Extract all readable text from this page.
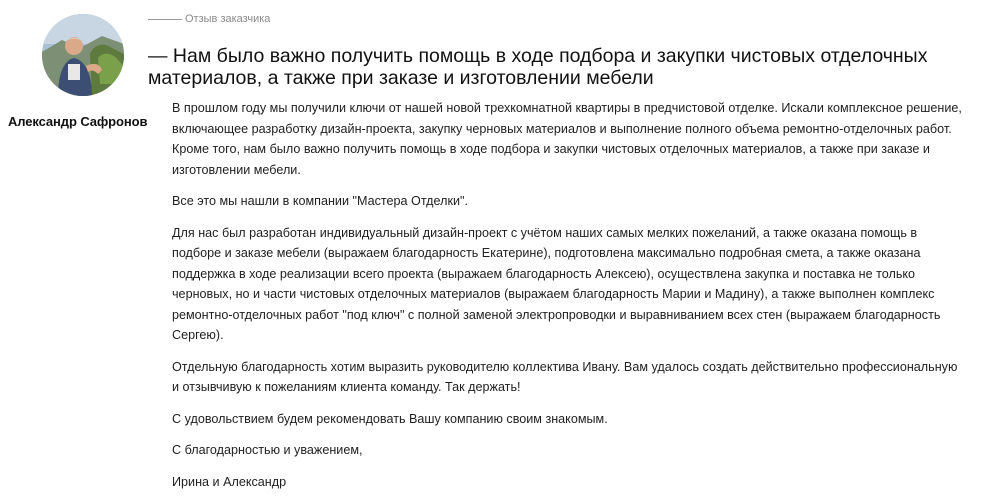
Александр Сафронов
Отзыв заказчика
— Нам было важно получить помощь в ходе подбора и закупки чистовых отделочных материалов, а также при заказе и изготовлении мебели

В прошлом году мы получили ключи от нашей новой трехкомнатной квартиры в предчистовой отделке. Искали комплексное решение, включающее разработку дизайн-проекта, закупку черновых материалов и выполнение полного объема ремонтно-отделочных работ. Кроме того, нам было важно получить помощь в ходе подбора и закупки чистовых отделочных материалов, а также при заказе и изготовлении мебели.

Все это мы нашли в компании "Мастера Отделки".

Для нас был разработан индивидуальный дизайн-проект с учётом наших самых мелких пожеланий, а также оказана помощь в подборе и заказе мебели (выражаем благодарность Екатерине), подготовлена максимально подробная смета, а также оказана поддержка в ходе реализации всего проекта (выражаем благодарность Алексею), осуществлена закупка и поставка не только черновых, но и части чистовых отделочных материалов (выражаем благодарность Марии и Мадину), а также выполнен комплекс ремонтно-отделочных работ "под ключ" с полной заменой электропроводки и выравниванием всех стен (выражаем благодарность Сергею).

Отдельную благодарность хотим выразить руководителю коллектива Ивану. Вам удалось создать действительно профессиональную и отзывчивую к пожеланиям клиента команду. Так держать!

С удовольствием будем рекомендовать Вашу компанию своим знакомым.

С благодарностью и уважением,

Ирина и Александр
